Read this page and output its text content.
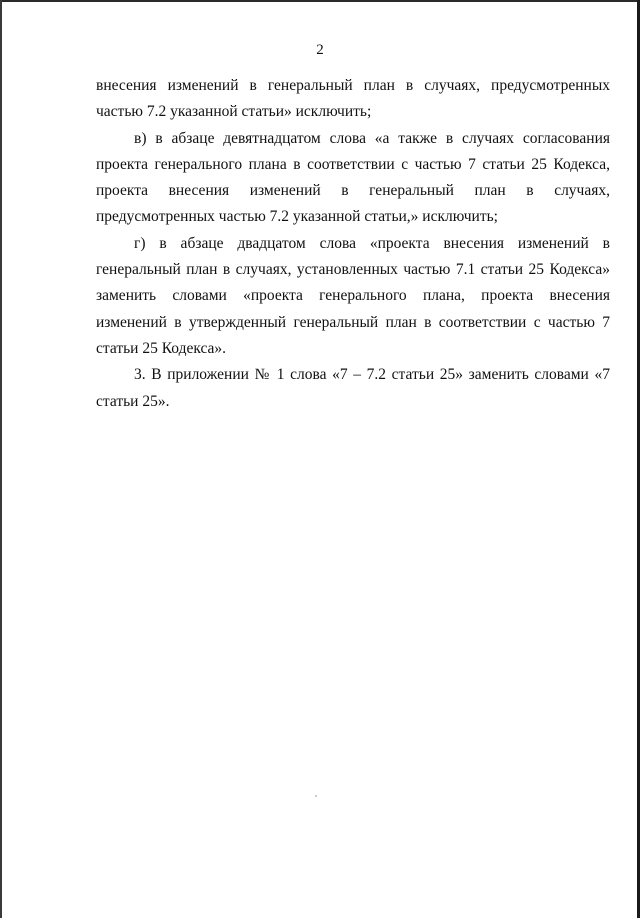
2

внесения изменений в генеральный план в случаях, предусмотренных частью 7.2 указанной статьи» исключить;

в) в абзаце девятнадцатом слова «а также в случаях согласования проекта генерального плана в соответствии с частью 7 статьи 25 Кодекса, проекта внесения изменений в генеральный план в случаях, предусмотренных частью 7.2 указанной статьи,» исключить;

г) в абзаце двадцатом слова «проекта внесения изменений в генеральный план в случаях, установленных частью 7.1 статьи 25 Кодекса» заменить словами «проекта генерального плана, проекта внесения изменений в утвержденный генеральный план в соответствии с частью 7 статьи 25 Кодекса».

3. В приложении № 1 слова «7 – 7.2 статьи 25» заменить словами «7 статьи 25».
